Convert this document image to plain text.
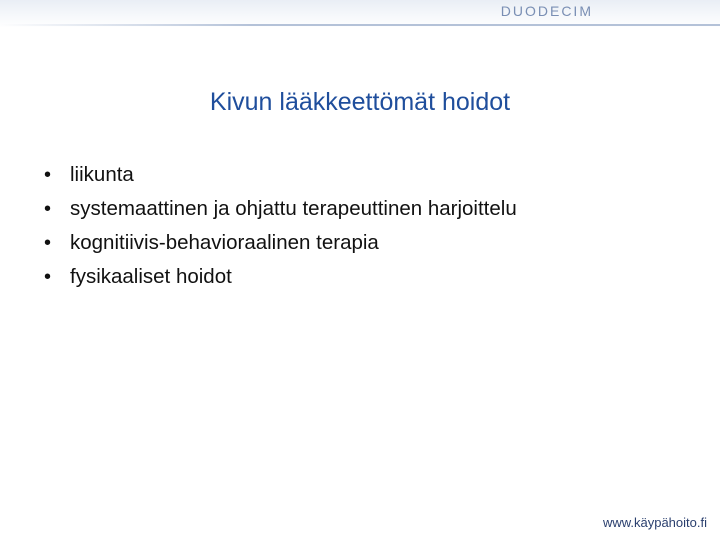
DUODECIM
Kivun lääkkeettömät hoidot
• liikunta
• systemaattinen ja ohjattu terapeuttinen harjoittelu
• kognitiivis-behavioraalinen terapia
• fysikaaliset hoidot
www.käypähoito.fi
